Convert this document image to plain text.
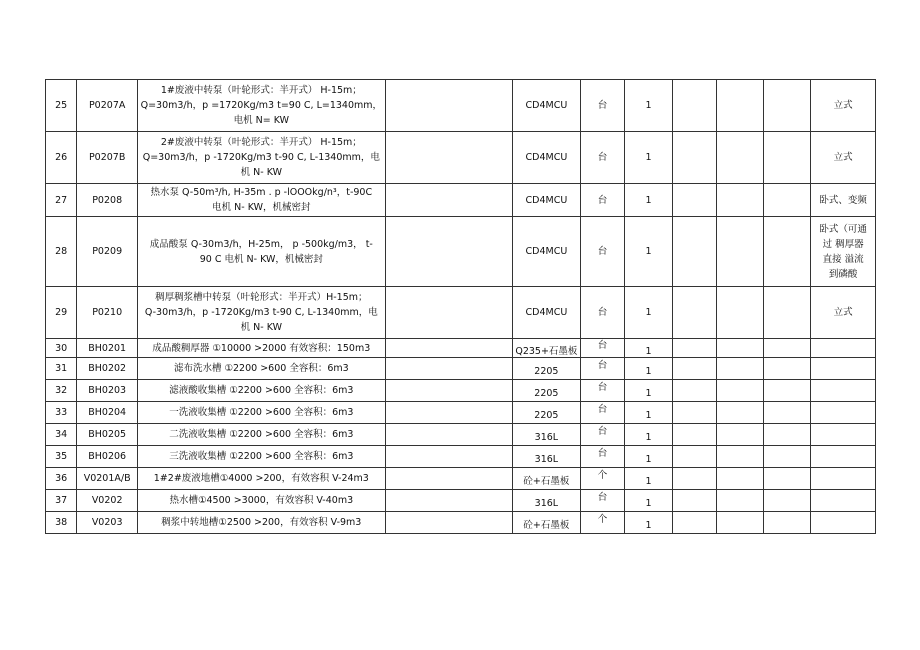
25	P0207A	1#废液中转泵（叶轮形式：半开式） H-15m；
Q=30m3/h，p =1720Kg/m3 t=90 C, L=1340mm，
电机 N= KW		CD4MCU	台	1				立式

26	P0207B	2#废液中转泵（叶轮形式：半开式） H-15m；
Q=30m3/h，p -1720Kg/m3 t-90 C, L-1340mm，电
机 N- KW		CD4MCU	台	1				立式

27	P0208	热水泵 Q-50m³/h, H-35m . p -lOOOkg/n³，t-90C
电机 N- KW，机械密封		CD4MCU	台	1				卧式、变频

28	P0209	成品酸泵 Q-30m3/h，H-25m， p -500kg/m3， t-
90 C 电机 N- KW，机械密封		CD4MCU	台	1				卧式（可通
过 稠厚器
直接 溢流
到磷酸

29	P0210	稠厚稠浆槽中转泵（叶轮形式：半开式）H-15m；
Q-30m3/h，p -1720Kg/m3 t-90 C, L-1340mm，电
机 N- KW		CD4MCU	台	1				立式

30	BH0201	成品酸稠厚器 ①10000 >2000 有效容积：150m3		Q235+石墨板	台	1				
31	BH0202	滤布洗水槽 ①2200 >600 全容积：6m3		2205	台	1				
32	BH0203	滤液酸收集槽 ①2200 >600 全容积：6m3		2205	台	1				
33	BH0204	一洗液收集槽 ①2200 >600 全容积：6m3		2205	台	1				
34	BH0205	二洗液收集槽 ①2200 >600 全容积：6m3		316L	台	1				
35	BH0206	三洗液收集槽 ①2200 >600 全容积：6m3		316L	台	1				
36	V0201A/B	1#2#废液地槽①4000 >200，有效容积 V-24m3		砼+石墨板	个	1				
37	V0202	热水槽①4500 >3000，有效容积 V-40m3		316L	台	1				
38	V0203	稠浆中转地槽①2500 >200，有效容积 V-9m3		砼+石墨板	个	1				
